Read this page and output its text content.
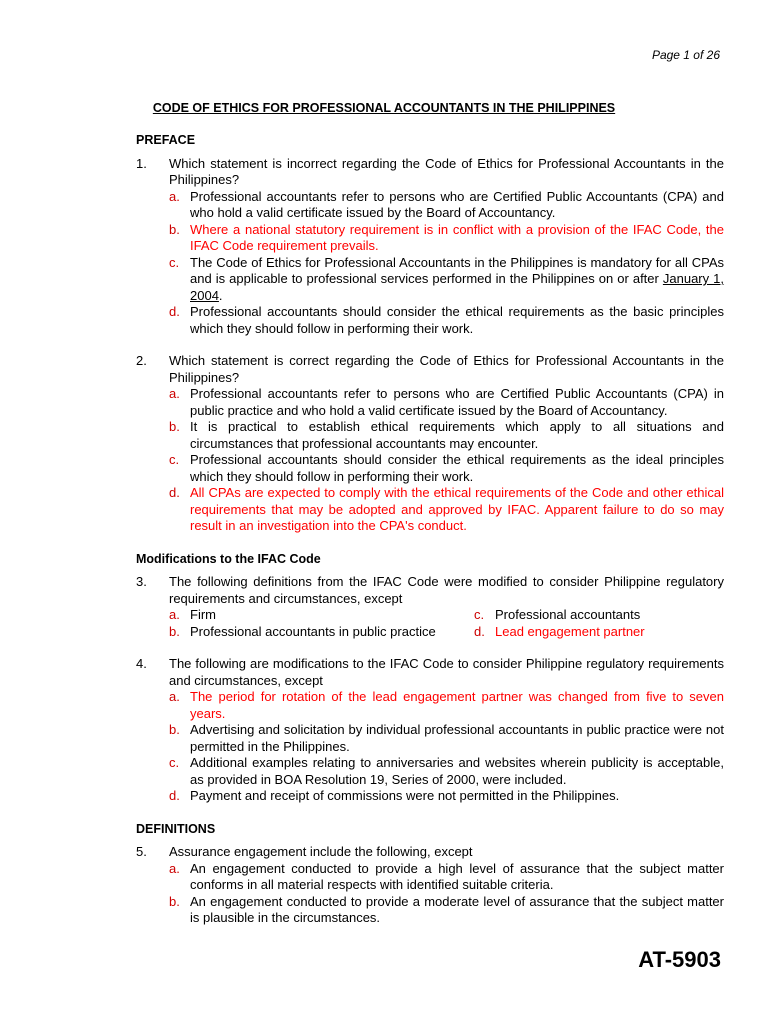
Page 1 of 26
CODE OF ETHICS FOR PROFESSIONAL ACCOUNTANTS IN THE PHILIPPINES
PREFACE
1.	Which statement is incorrect regarding the Code of Ethics for Professional Accountants in the Philippines?
a. Professional accountants refer to persons who are Certified Public Accountants (CPA) and who hold a valid certificate issued by the Board of Accountancy.
b. Where a national statutory requirement is in conflict with a provision of the IFAC Code, the IFAC Code requirement prevails.
c. The Code of Ethics for Professional Accountants in the Philippines is mandatory for all CPAs and is applicable to professional services performed in the Philippines on or after January 1, 2004.
d. Professional accountants should consider the ethical requirements as the basic principles which they should follow in performing their work.
2.	Which statement is correct regarding the Code of Ethics for Professional Accountants in the Philippines?
a. Professional accountants refer to persons who are Certified Public Accountants (CPA) in public practice and who hold a valid certificate issued by the Board of Accountancy.
b. It is practical to establish ethical requirements which apply to all situations and circumstances that professional accountants may encounter.
c. Professional accountants should consider the ethical requirements as the ideal principles which they should follow in performing their work.
d. All CPAs are expected to comply with the ethical requirements of the Code and other ethical requirements that may be adopted and approved by IFAC. Apparent failure to do so may result in an investigation into the CPA's conduct.
Modifications to the IFAC Code
3.	The following definitions from the IFAC Code were modified to consider Philippine regulatory requirements and circumstances, except
a. Firm	c. Professional accountants
b. Professional accountants in public practice	d. Lead engagement partner
4.	The following are modifications to the IFAC Code to consider Philippine regulatory requirements and circumstances, except
a. The period for rotation of the lead engagement partner was changed from five to seven years.
b. Advertising and solicitation by individual professional accountants in public practice were not permitted in the Philippines.
c. Additional examples relating to anniversaries and websites wherein publicity is acceptable, as provided in BOA Resolution 19, Series of 2000, were included.
d. Payment and receipt of commissions were not permitted in the Philippines.
DEFINITIONS
5.	Assurance engagement include the following, except
a. An engagement conducted to provide a high level of assurance that the subject matter conforms in all material respects with identified suitable criteria.
b. An engagement conducted to provide a moderate level of assurance that the subject matter is plausible in the circumstances.
AT-5903
